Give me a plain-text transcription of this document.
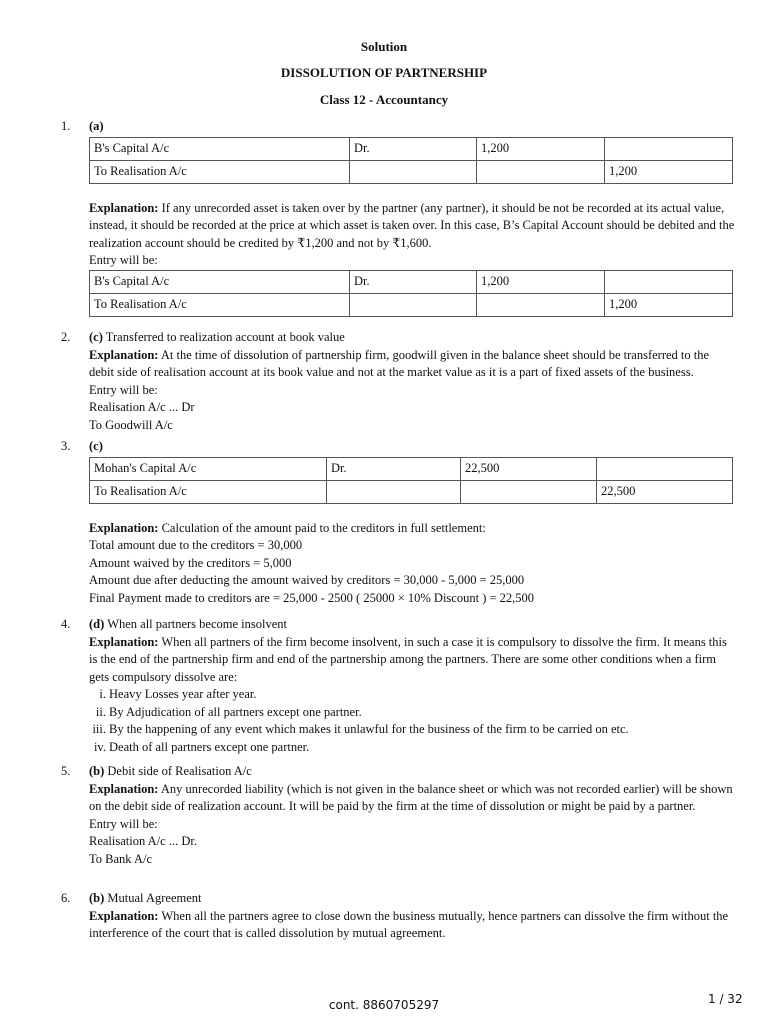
Solution
DISSOLUTION OF PARTNERSHIP
Class 12 - Accountancy
1. (a)

B's Capital A/c	Dr.	1,200	
To Realisation A/c			1,200

Explanation: If any unrecorded asset is taken over by the partner (any partner), it should be not be recorded at its actual value, instead, it should be recorded at the price at which asset is taken over. In this case, B’s Capital Account should be debited and the realization account should be credited by ₹1,200 and not by ₹1,600.

Entry will be:

B's Capital A/c	Dr.	1,200	
To Realisation A/c			1,200
2. (c) Transferred to realization account at book value

Explanation: At the time of dissolution of partnership firm, goodwill given in the balance sheet should be transferred to the debit side of realisation account at its book value and not at the market value as it is a part of fixed assets of the business.

Entry will be:

Realisation A/c ... Dr

To Goodwill A/c

3. (c)

Mohan's Capital A/c	Dr.	22,500	
To Realisation A/c			22,500

Explanation: Calculation of the amount paid to the creditors in full settlement:

Total amount due to the creditors = 30,000

Amount waived by the creditors = 5,000

Amount due after deducting the amount waived by creditors = 30,000 - 5,000 = 25,000

Final Payment made to creditors are = 25,000 - 2500 ( 25000 × 10% Discount ) = 22,500

4. (d) When all partners become insolvent

Explanation: When all partners of the firm become insolvent, in such a case it is compulsory to dissolve the firm. It means this is the end of the partnership firm and end of the partnership among the partners. There are some other conditions when a firm gets compulsory dissolve are:

i. Heavy Losses year after year.
ii. By Adjudication of all partners except one partner.
iii. By the happening of any event which makes it unlawful for the business of the firm to be carried on etc.
iv. Death of all partners except one partner.
5. (b) Debit side of Realisation A/c

Explanation: Any unrecorded liability (which is not given in the balance sheet or which was not recorded earlier) will be shown on the debit side of realization account. It will be paid by the firm at the time of dissolution or might be paid by a partner.

Entry will be:

Realisation A/c ... Dr.

To Bank A/c

6. (b) Mutual Agreement

Explanation: When all the partners agree to close down the business mutually, hence partners can dissolve the firm without the interference of the court that is called dissolution by mutual agreement.

cont. 8860705297	1 / 32
